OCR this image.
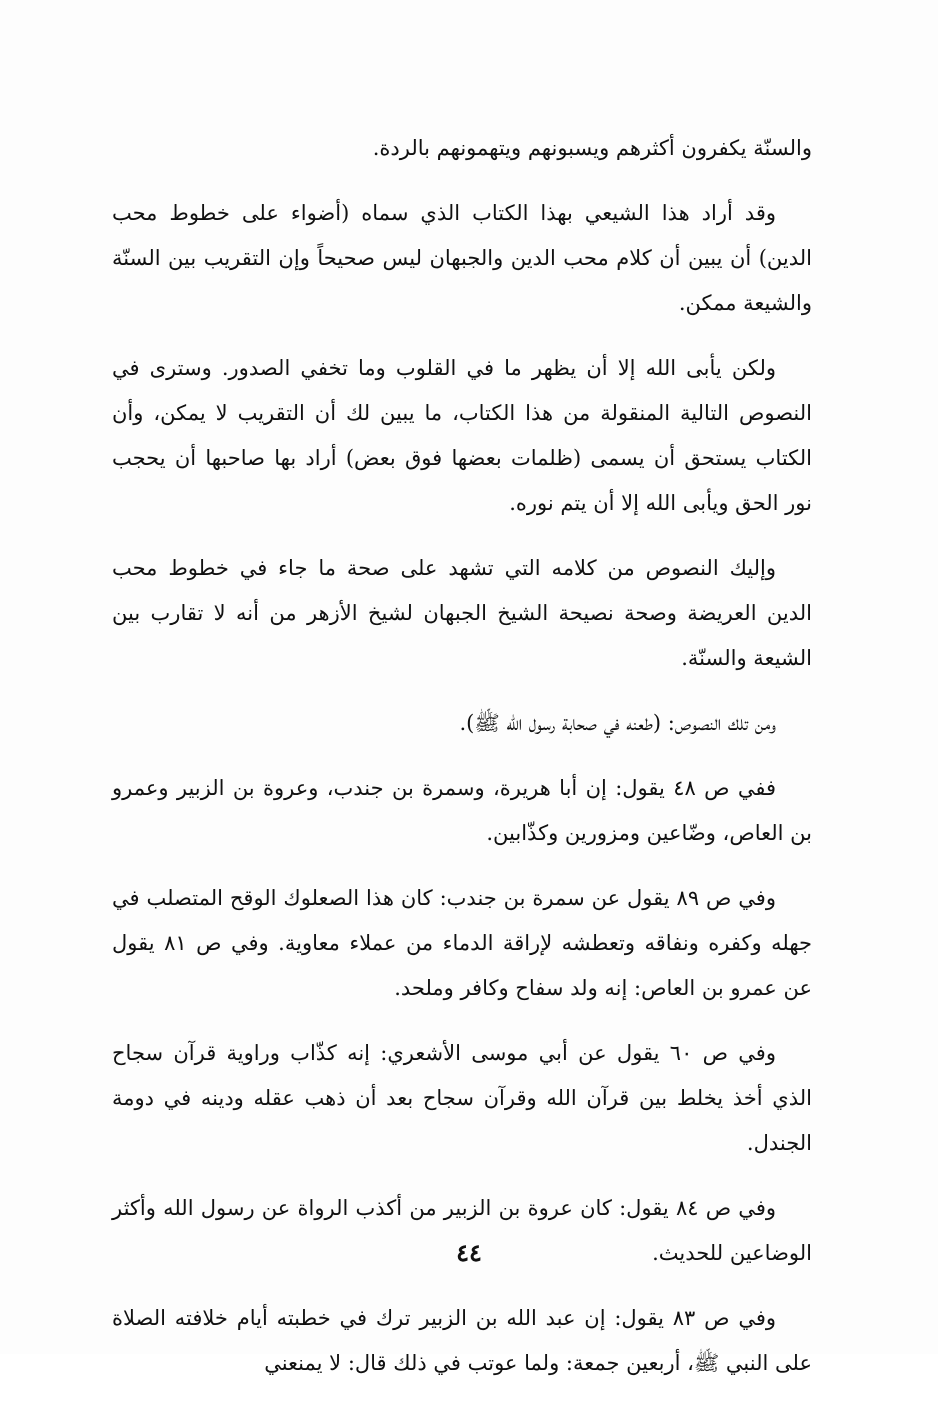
والسنّة يكفرون أكثرهم ويسبونهم ويتهمونهم بالردة.

وقد أراد هذا الشيعي بهذا الكتاب الذي سماه (أضواء على خطوط محب الدين) أن يبين أن كلام محب الدين والجبهان ليس صحيحاً وإن التقريب بين السنّة والشيعة ممكن.

ولكن يأبى الله إلا أن يظهر ما في القلوب وما تخفي الصدور. وسترى في النصوص التالية المنقولة من هذا الكتاب، ما يبين لك أن التقريب لا يمكن، وأن الكتاب يستحق أن يسمى (ظلمات بعضها فوق بعض) أراد بها صاحبها أن يحجب نور الحق ويأبى الله إلا أن يتم نوره.

وإليك النصوص من كلامه التي تشهد على صحة ما جاء في خطوط محب الدين العريضة وصحة نصيحة الشيخ الجبهان لشيخ الأزهر من أنه لا تقارب بين الشيعة والسنّة.

ومن تلك النصوص: (طعنه في صحابة رسول الله ﷺ).

ففي ص ٤٨ يقول: إن أبا هريرة، وسمرة بن جندب، وعروة بن الزبير وعمرو بن العاص، وضّاعين ومزورين وكذّابين.

وفي ص ٨٩ يقول عن سمرة بن جندب: كان هذا الصعلوك الوقح المتصلب في جهله وكفره ونفاقه وتعطشه لإراقة الدماء من عملاء معاوية. وفي ص ٨١ يقول عن عمرو بن العاص: إنه ولد سفاح وكافر وملحد.

وفي ص ٦٠ يقول عن أبي موسى الأشعري: إنه كذّاب وراوية قرآن سجاح الذي أخذ يخلط بين قرآن الله وقرآن سجاح بعد أن ذهب عقله ودينه في دومة الجندل.

وفي ص ٨٤ يقول: كان عروة بن الزبير من أكذب الرواة عن رسول الله وأكثر الوضاعين للحديث.

وفي ص ٨٣ يقول: إن عبد الله بن الزبير ترك في خطبته أيام خلافته الصلاة على النبي ﷺ، أربعين جمعة: ولما عوتب في ذلك قال: لا يمنعني

٤٤
